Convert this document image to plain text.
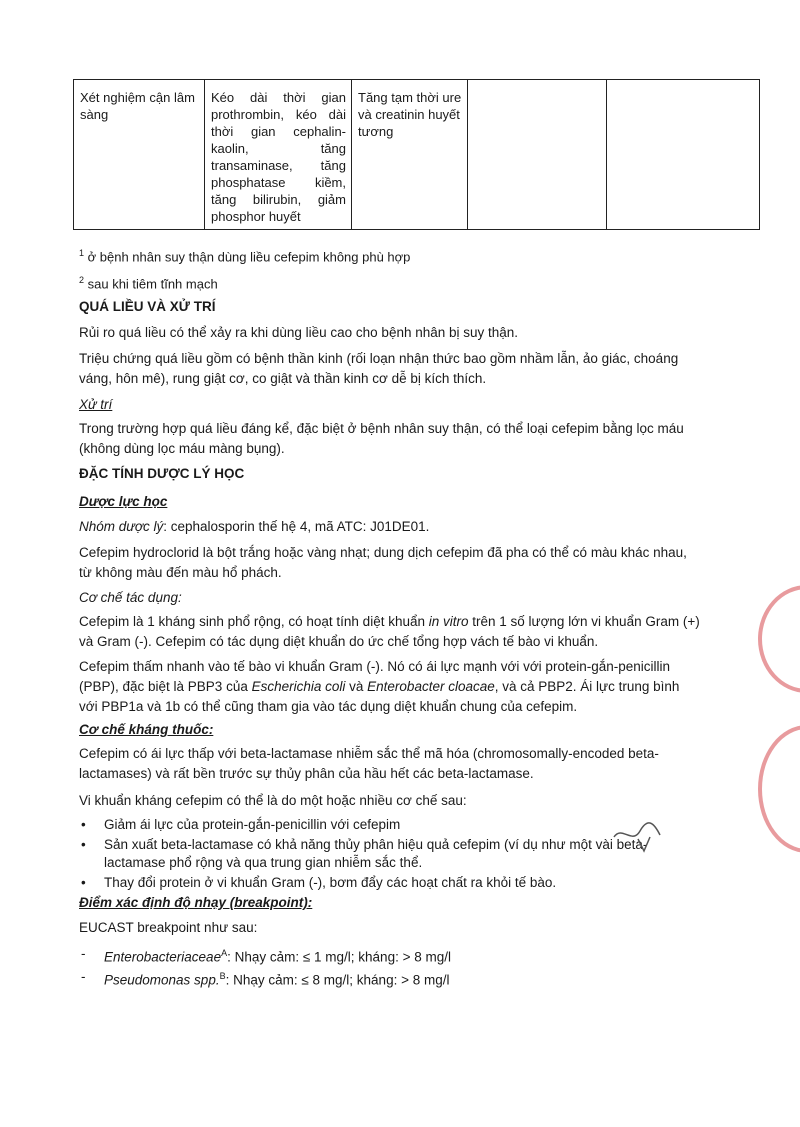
Xét nghiệm cận lâm sàng	Kéo dài thời gian prothrombin, kéo dài thời gian cephalin-kaolin, tăng transaminase, tăng phosphatase kiềm, tăng bilirubin, giảm phosphor huyết	Tăng tạm thời ure và creatinin huyết tương		
$^1$ ở bệnh nhân suy thận dùng liều cefepim không phù hợp
$^2$ sau khi tiêm tĩnh mạch
QUÁ LIỀU VÀ XỬ TRÍ
Rủi ro quá liều có thể xảy ra khi dùng liều cao cho bệnh nhân bị suy thận.
Triệu chứng quá liều gồm có bệnh thần kinh (rối loạn nhận thức bao gồm nhầm lẫn, ảo giác, choáng váng, hôn mê), rung giật cơ, co giật và thần kinh cơ dễ bị kích thích.
Xử trí
Trong trường hợp quá liều đáng kể, đặc biệt ở bệnh nhân suy thận, có thể loại cefepim bằng lọc máu (không dùng lọc máu màng bụng).
ĐẶC TÍNH DƯỢC LÝ HỌC
Dược lực học
Nhóm dược lý: cephalosporin thế hệ 4, mã ATC: J01DE01.
Cefepim hydroclorid là bột trắng hoặc vàng nhạt; dung dịch cefepim đã pha có thể có màu khác nhau, từ không màu đến màu hổ phách.
Cơ chế tác dụng:
Cefepim là 1 kháng sinh phổ rộng, có hoạt tính diệt khuẩn in vitro trên 1 số lượng lớn vi khuẩn Gram (+) và Gram (-). Cefepim có tác dụng diệt khuẩn do ức chế tổng hợp vách tế bào vi khuẩn.
Cefepim thấm nhanh vào tế bào vi khuẩn Gram (-). Nó có ái lực mạnh với với protein-gắn-penicillin (PBP), đặc biệt là PBP3 của Escherichia coli và Enterobacter cloacae, và cả PBP2. Ái lực trung bình với PBP1a và 1b có thể cũng tham gia vào tác dụng diệt khuẩn chung của cefepim.
Cơ chế kháng thuốc:
Cefepim có ái lực thấp với beta-lactamase nhiễm sắc thể mã hóa (chromosomally-encoded beta-lactamases) và rất bền trước sự thủy phân của hầu hết các beta-lactamase.
Vi khuẩn kháng cefepim có thể là do một hoặc nhiều cơ chế sau:
• Giảm ái lực của protein-gắn-penicillin với cefepim
• Sản xuất beta-lactamase có khả năng thủy phân hiệu quả cefepim (ví dụ như một vài beta-lactamase phổ rộng và qua trung gian nhiễm sắc thể.
• Thay đổi protein ở vi khuẩn Gram (-), bơm đẩy các hoạt chất ra khỏi tế bào.
Điểm xác định độ nhạy (breakpoint):
EUCAST breakpoint như sau:
- Enterobacteriaceae$^A$: Nhạy cảm: ≤ 1 mg/l; kháng: > 8 mg/l
- Pseudomonas spp.$^B$: Nhạy cảm: ≤ 8 mg/l; kháng: > 8 mg/l
